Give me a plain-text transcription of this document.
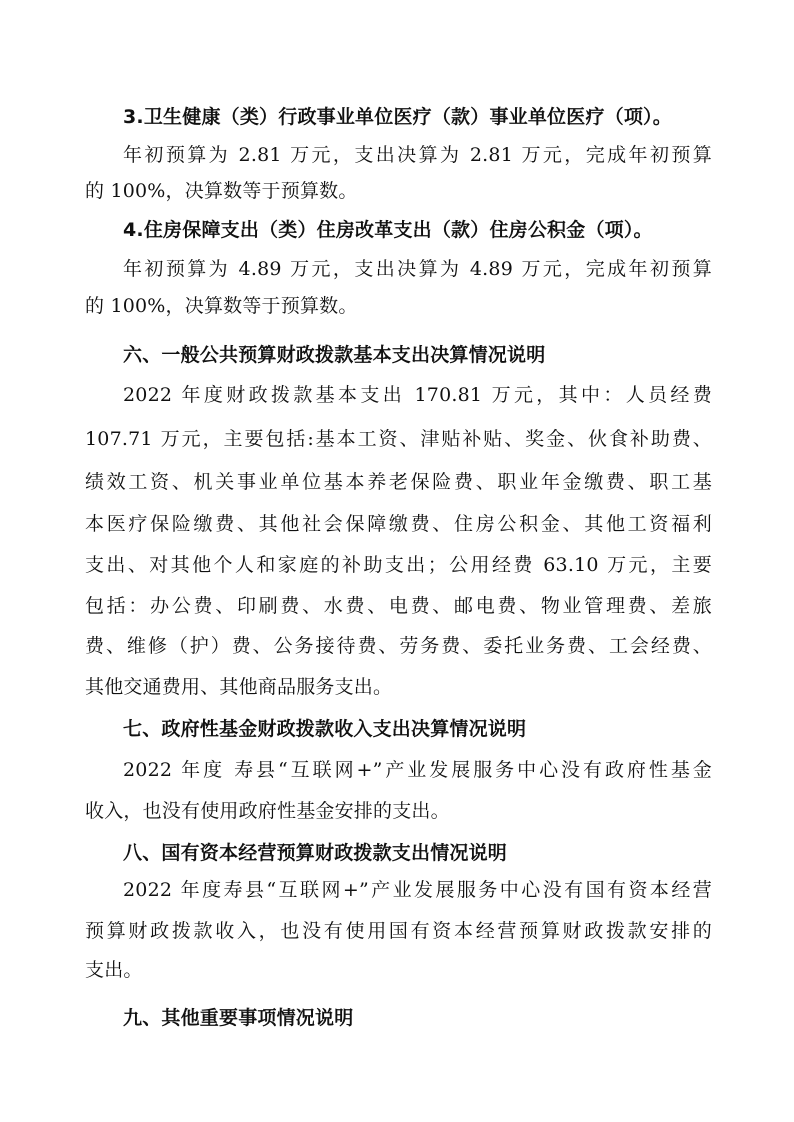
3.卫生健康（类）行政事业单位医疗（款）事业单位医疗（项）。
年初预算为 2.81 万元，支出决算为 2.81 万元，完成年初预算
的 100%，决算数等于预算数。
4.住房保障支出（类）住房改革支出（款）住房公积金（项）。
年初预算为 4.89 万元，支出决算为 4.89 万元，完成年初预算
的 100%，决算数等于预算数。
六、一般公共预算财政拨款基本支出决算情况说明
2022 年度财政拨款基本支出 170.81 万元，其中：人员经费
107.71 万元，主要包括:基本工资、津贴补贴、奖金、伙食补助费、
绩效工资、机关事业单位基本养老保险费、职业年金缴费、职工基
本医疗保险缴费、其他社会保障缴费、住房公积金、其他工资福利
支出、对其他个人和家庭的补助支出；公用经费 63.10 万元，主要
包括：办公费、印刷费、水费、电费、邮电费、物业管理费、差旅
费、维修（护）费、公务接待费、劳务费、委托业务费、工会经费、
其他交通费用、其他商品服务支出。
七、政府性基金财政拨款收入支出决算情况说明
2022 年度 寿县“互联网+”产业发展服务中心没有政府性基金
收入，也没有使用政府性基金安排的支出。
八、国有资本经营预算财政拨款支出情况说明
2022 年度寿县“互联网+”产业发展服务中心没有国有资本经营
预算财政拨款收入，也没有使用国有资本经营预算财政拨款安排的
支出。
九、其他重要事项情况说明
